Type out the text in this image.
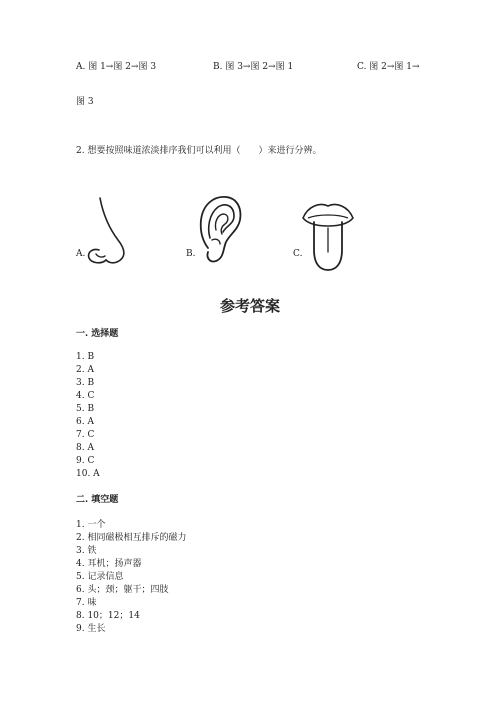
A. 图 1→图 2→图 3	B. 图 3→图 2→图 1	C. 图 2→图 1→
图 3
2. 想要按照味道浓淡排序我们可以利用（　　）来进行分辨。
A.	B.	C.
参考答案
一. 选择题
1. B
2. A
3. B
4. C
5. B
6. A
7. C
8. A
9. C
10. A
二. 填空题
1. 一个
2. 相同磁极相互排斥的磁力
3. 铁
4. 耳机；扬声器
5. 记录信息
6. 头；颈；躯干；四肢
7. 味
8. 10；12；14
9. 生长
